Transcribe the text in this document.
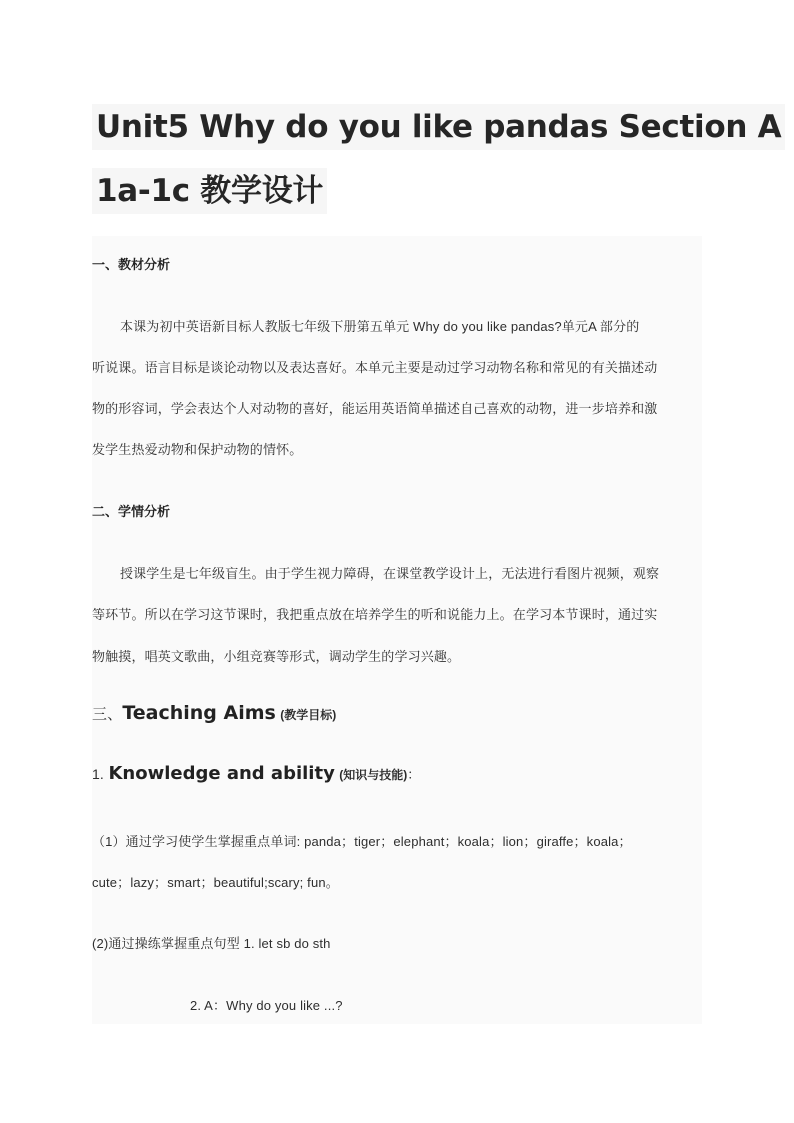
Unit5 Why do you like pandas Section A
1a-1c 教学设计
一、教材分析
本课为初中英语新目标人教版七年级下册第五单元 Why do you like pandas?单元A 部分的
听说课。语言目标是谈论动物以及表达喜好。本单元主要是动过学习动物名称和常见的有关描述动
物的形容词，学会表达个人对动物的喜好，能运用英语简单描述自己喜欢的动物，进一步培养和激
发学生热爱动物和保护动物的情怀。
二、学情分析
授课学生是七年级盲生。由于学生视力障碍，在课堂教学设计上，无法进行看图片视频，观察
等环节。所以在学习这节课时，我把重点放在培养学生的听和说能力上。在学习本节课时，通过实
物触摸，唱英文歌曲，小组竞赛等形式，调动学生的学习兴趣。
三、Teaching Aims (教学目标)
1. Knowledge and ability (知识与技能)：
（1）通过学习使学生掌握重点单词: panda；tiger；elephant；koala；lion；giraffe；koala；
cute；lazy；smart；beautiful;scary; fun。
(2)通过操练掌握重点句型 1. let sb do sth
2. A：Why do you like ...?
